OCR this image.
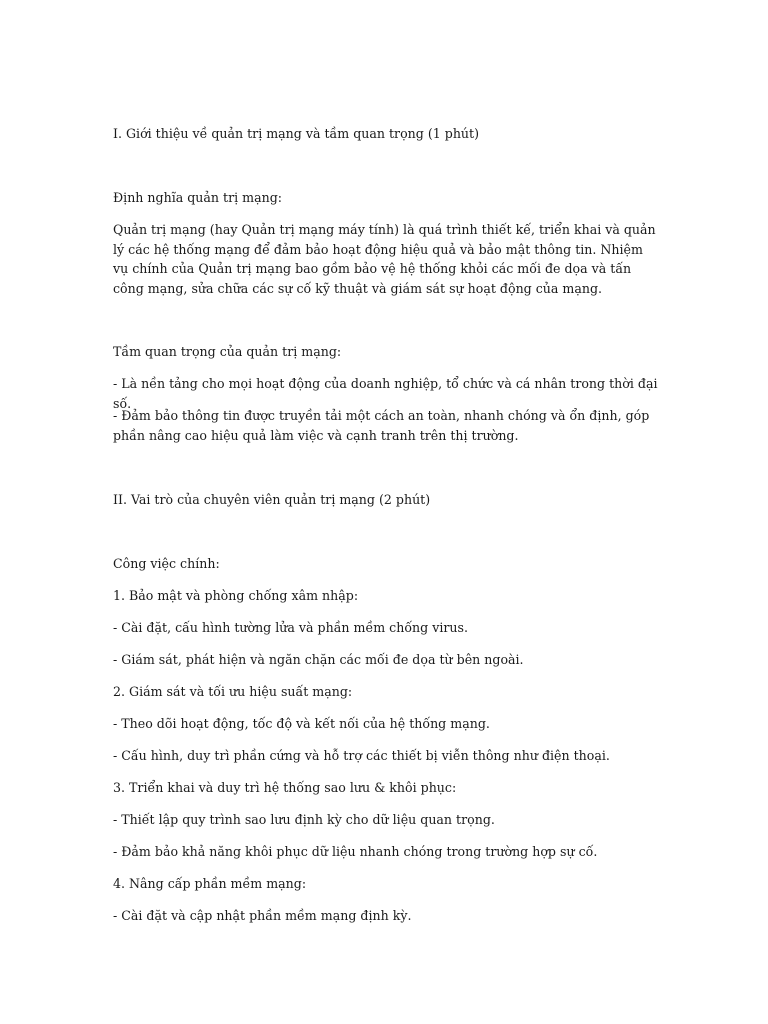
I. Giới thiệu về quản trị mạng và tầm quan trọng (1 phút)

Định nghĩa quản trị mạng:

Quản trị mạng (hay Quản trị mạng máy tính) là quá trình thiết kế, triển khai và quản lý các hệ thống mạng để đảm bảo hoạt động hiệu quả và bảo mật thông tin. Nhiệm vụ chính của Quản trị mạng bao gồm bảo vệ hệ thống khỏi các mối đe dọa và tấn công mạng, sửa chữa các sự cố kỹ thuật và giám sát sự hoạt động của mạng.

Tầm quan trọng của quản trị mạng:

- Là nền tảng cho mọi hoạt động của doanh nghiệp, tổ chức và cá nhân trong thời đại số.

- Đảm bảo thông tin được truyền tải một cách an toàn, nhanh chóng và ổn định, góp phần nâng cao hiệu quả làm việc và cạnh tranh trên thị trường.

II. Vai trò của chuyên viên quản trị mạng (2 phút)

Công việc chính:

1. Bảo mật và phòng chống xâm nhập:

- Cài đặt, cấu hình tường lửa và phần mềm chống virus.

- Giám sát, phát hiện và ngăn chặn các mối đe dọa từ bên ngoài.

2. Giám sát và tối ưu hiệu suất mạng:

- Theo dõi hoạt động, tốc độ và kết nối của hệ thống mạng.

- Cấu hình, duy trì phần cứng và hỗ trợ các thiết bị viễn thông như điện thoại.

3. Triển khai và duy trì hệ thống sao lưu & khôi phục:

- Thiết lập quy trình sao lưu định kỳ cho dữ liệu quan trọng.

- Đảm bảo khả năng khôi phục dữ liệu nhanh chóng trong trường hợp sự cố.

4. Nâng cấp phần mềm mạng:

- Cài đặt và cập nhật phần mềm mạng định kỳ.
